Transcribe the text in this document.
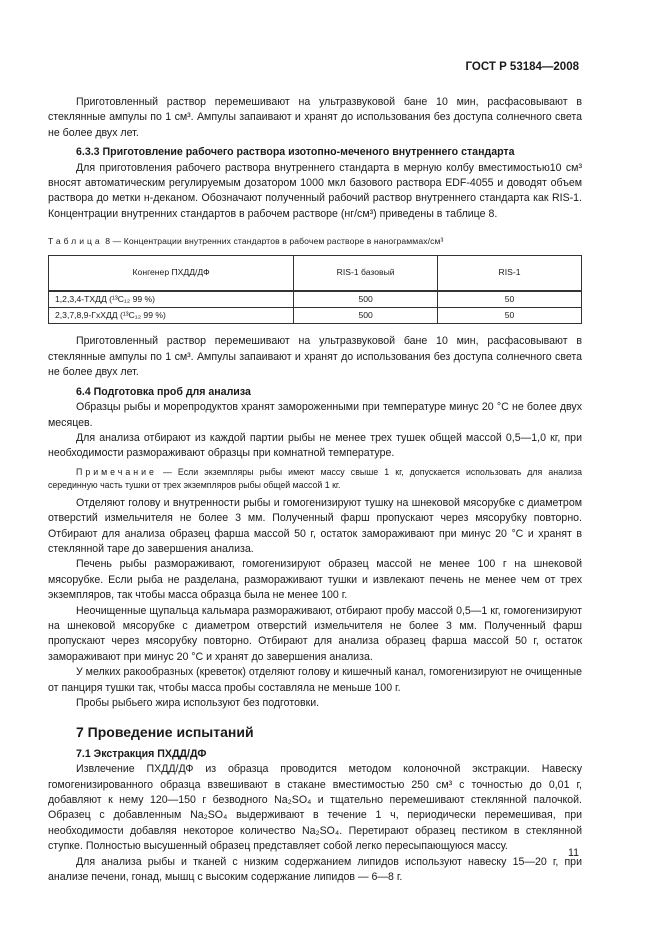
ГОСТ Р 53184—2008

Приготовленный раствор перемешивают на ультразвуковой бане 10 мин, расфасовывают в стеклянные ампулы по 1 см³. Ампулы запаивают и хранят до использования без доступа солнечного света не более двух лет.

6.3.3 Приготовление рабочего раствора изотопно-меченого внутреннего стандарта

Для приготовления рабочего раствора внутреннего стандарта в мерную колбу вместимостью10 см³ вносят автоматическим регулируемым дозатором 1000 мкл базового раствора EDF-4055 и доводят объем раствора до метки н-деканом. Обозначают полученный рабочий раствор внутреннего стандарта как RIS-1. Концентрации внутренних стандартов в рабочем растворе (нг/см³) приведены в таблице 8.

Таблица 8 — Концентрации внутренних стандартов в рабочем растворе в нанограммах/см³
Конгенер ПХДД/ДФ	RIS-1 базовый	RIS-1
1,2,3,4-ТХДД (¹³C₁₂ 99 %)	500	50
2,3,7,8,9-ГхХДД (¹³C₁₂ 99 %)	500	50

Приготовленный раствор перемешивают на ультразвуковой бане 10 мин, расфасовывают в стеклянные ампулы по 1 см³. Ампулы запаивают и хранят до использования без доступа солнечного света не более двух лет.

6.4 Подготовка проб для анализа

Образцы рыбы и морепродуктов хранят замороженными при температуре минус 20 °С не более двух месяцев.

Для анализа отбирают из каждой партии рыбы не менее трех тушек общей массой 0,5—1,0 кг, при необходимости размораживают образцы при комнатной температуре.

Примечание — Если экземпляры рыбы имеют массу свыше 1 кг, допускается использовать для анализа серединную часть тушки от трех экземпляров рыбы общей массой 1 кг.

Отделяют голову и внутренности рыбы и гомогенизируют тушку на шнековой мясорубке с диаметром отверстий измельчителя не более 3 мм. Полученный фарш пропускают через мясорубку повторно. Отбирают для анализа образец фарша массой 50 г, остаток замораживают при минус 20 °С и хранят в стеклянной таре до завершения анализа.

Печень рыбы размораживают, гомогенизируют образец массой не менее 100 г на шнековой мясорубке. Если рыба не разделана, размораживают тушки и извлекают печень не менее чем от трех экземпляров, так чтобы масса образца была не менее 100 г.

Неочищенные щупальца кальмара размораживают, отбирают пробу массой 0,5—1 кг, гомогенизируют на шнековой мясорубке с диаметром отверстий измельчителя не более 3 мм. Полученный фарш пропускают через мясорубку повторно. Отбирают для анализа образец фарша массой 50 г, остаток замораживают при минус 20 °С и хранят до завершения анализа.

У мелких ракообразных (креветок) отделяют голову и кишечный канал, гомогенизируют не очищенные от панциря тушки так, чтобы масса пробы составляла не меньше 100 г.

Пробы рыбьего жира используют без подготовки.

7 Проведение испытаний

7.1 Экстракция ПХДД/ДФ

Извлечение ПХДД/ДФ из образца проводится методом колоночной экстракции. Навеску гомогенизированного образца взвешивают в стакане вместимостью 250 см³ с точностью до 0,01 г, добавляют к нему 120—150 г безводного Na₂SO₄ и тщательно перемешивают стеклянной палочкой. Образец с добавленным Na₂SO₄ выдерживают в течение 1 ч, периодически перемешивая, при необходимости добавляя некоторое количество Na₂SO₄. Перетирают образец пестиком в стеклянной ступке. Полностью высушенный образец представляет собой легко пересыпающуюся массу.

Для анализа рыбы и тканей с низким содержанием липидов используют навеску 15—20 г, при анализе печени, гонад, мышц с высоким содержание липидов — 6—8 г.

11
